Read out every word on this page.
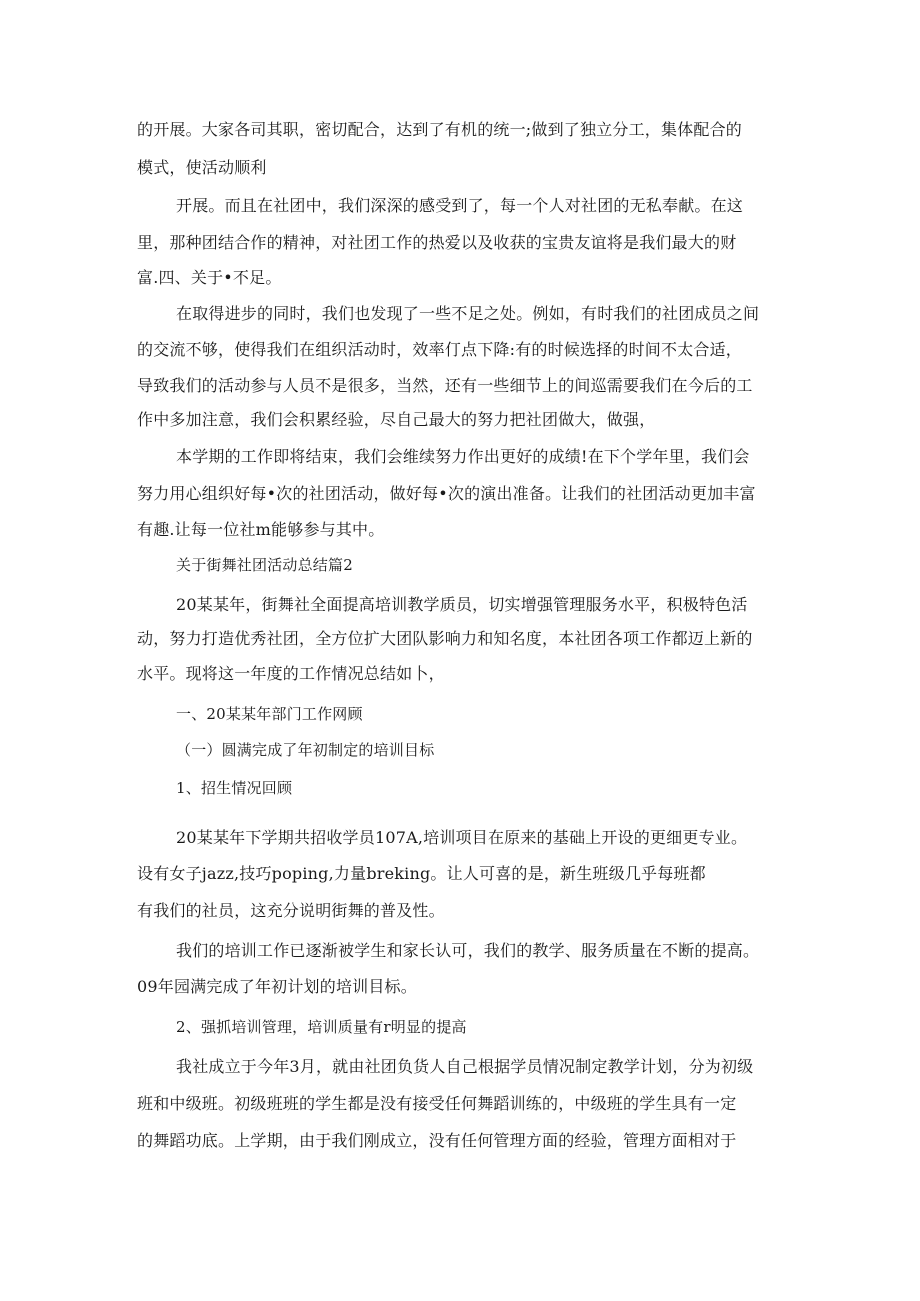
的开展。大家各司其职，密切配合，达到了有机的统一;做到了独立分工，集体配合的
模式，使活动顺利
开展。而且在社团中，我们深深的感受到了，每一个人对社团的无私奉献。在这
里，那种团结合作的精神，对社团工作的热爱以及收获的宝贵友谊将是我们最大的财
富.四、关于•不足。
在取得进步的同时，我们也发现了一些不足之处。例如，有时我们的社团成员之间
的交流不够，使得我们在组织活动时，效率仃点下降:有的时候选择的时间不太合适，
导致我们的活动参与人员不是很多，当然，还有一些细节上的间巡需要我们在今后的工
作中多加注意，我们会积累经验，尽自己最大的努力把社团做大，做强，
本学期的工作即将结束，我们会维续努力作出更好的成绩!在下个学年里，我们会
努力用心组织好每•次的社团活动，做好每•次的演出准备。让我们的社团活动更加丰富
有趣.让每一位社m能够参与其中。
关于街舞社团活动总结篇2
20某某年，街舞社全面提高培训教学质员，切实增强管理服务水平，积极特色活
动，努力打造优秀社团，全方位扩大团队影响力和知名度，本社团各项工作都迈上新的
水平。现将这一年度的工作情况总结如卜，
一、20某某年部门工作网顾
（一）圆满完成了年初制定的培训目标
1、招生情况回顾
20某某年下学期共招收学员107A,培训项目在原来的基础上开设的更细更专业。
设有女子jazz,技巧poping,力量breking。让人可喜的是，新生班级几乎每班都
有我们的社员，这充分说明街舞的普及性。
我们的培训工作已逐渐被学生和家长认可，我们的教学、服务质量在不断的提高。
09年园满完成了年初计划的培训目标。
2、强抓培训管理，培训质量有r明显的提高
我社成立于今年3月，就由社团负货人自己根据学员情况制定教学计划，分为初级
班和中级班。初级班班的学生都是没有接受任何舞蹈训练的，中级班的学生具有一定
的舞蹈功底。上学期，由于我们刚成立，没有任何管理方面的经验，管理方面相对于
